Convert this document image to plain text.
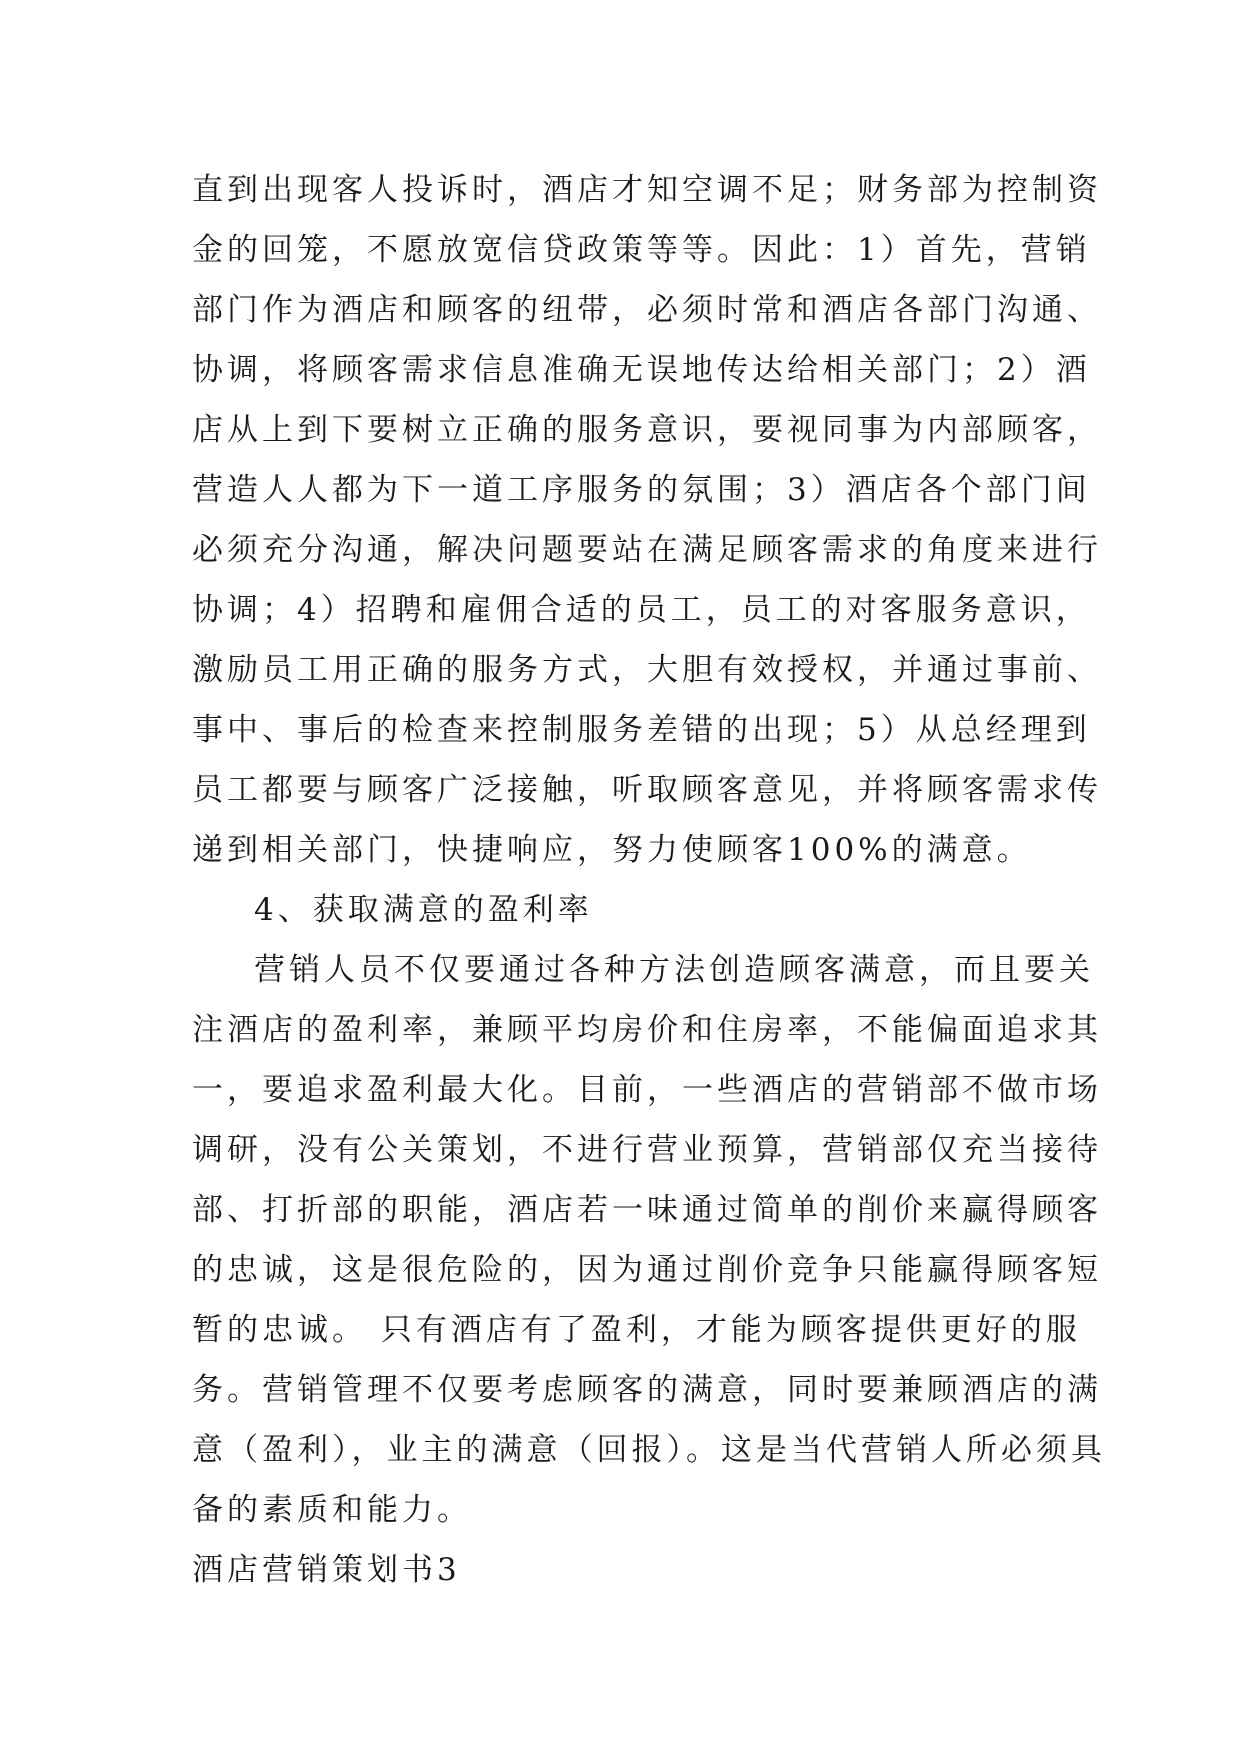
直到出现客人投诉时，酒店才知空调不足；财务部为控制资
金的回笼，不愿放宽信贷政策等等。因此：1）首先，营销
部门作为酒店和顾客的纽带，必须时常和酒店各部门沟通、
协调，将顾客需求信息准确无误地传达给相关部门；2）酒
店从上到下要树立正确的服务意识，要视同事为内部顾客，
营造人人都为下一道工序服务的氛围；3）酒店各个部门间
必须充分沟通，解决问题要站在满足顾客需求的角度来进行
协调；4）招聘和雇佣合适的员工，员工的对客服务意识，
激励员工用正确的服务方式，大胆有效授权，并通过事前、
事中、事后的检查来控制服务差错的出现；5）从总经理到
员工都要与顾客广泛接触，听取顾客意见，并将顾客需求传
递到相关部门，快捷响应，努力使顾客100%的满意。
4、获取满意的盈利率
营销人员不仅要通过各种方法创造顾客满意，而且要关
注酒店的盈利率，兼顾平均房价和住房率，不能偏面追求其
一，要追求盈利最大化。目前，一些酒店的营销部不做市场
调研，没有公关策划，不进行营业预算，营销部仅充当接待
部、打折部的职能，酒店若一味通过简单的削价来赢得顾客
的忠诚，这是很危险的，因为通过削价竞争只能赢得顾客短
暂的忠诚。 只有酒店有了盈利，才能为顾客提供更好的服
务。营销管理不仅要考虑顾客的满意，同时要兼顾酒店的满
意（盈利），业主的满意（回报）。这是当代营销人所必须具
备的素质和能力。
酒店营销策划书3
